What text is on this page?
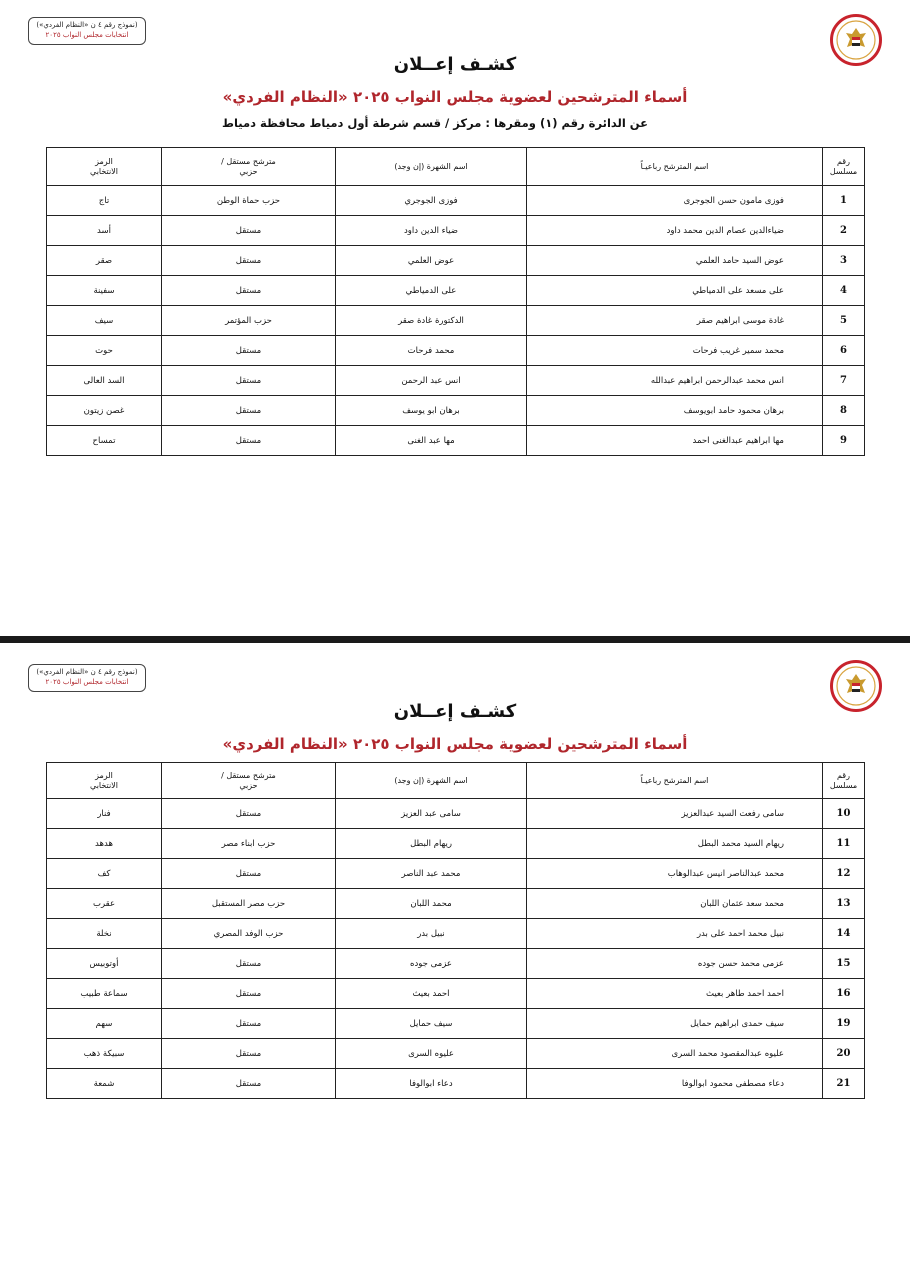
(نموذج رقم ٤ ن «النظام الفردي»)
انتخابات مجلس النواب ٢٠٢٥
كشـف إعــلان
أسماء المترشحين لعضوية مجلس النواب ٢٠٢٥ «النظام الفردي»
عن الدائرة رقم (١) ومقرها : مركز / قسم شرطة أول دمياط محافظة دمياط
رقم مسلسل	اسم المترشح رباعيـاً	اسم الشهرة (إن وجد)	مترشح مستقل / حزبي	الرمز الانتخابي
1	فوزى مامون حسن الجوجرى	فوزى الجوجري	حزب حماة الوطن	تاج
2	ضياءالدين عصام الدين محمد داود	ضياء الدين داود	مستقل	أسد
3	عوض السيد حامد العلمي	عوض العلمي	مستقل	صقر
4	على مسعد على الدمياطي	على الدمياطي	مستقل	سفينة
5	غادة موسى ابراهيم صقر	الدكتورة غادة صقر	حزب المؤتمر	سيف
6	محمد سمير غريب فرحات	محمد فرحات	مستقل	حوت
7	انس محمد عبدالرحمن ابراهيم عبدالله	انس عبد الرحمن	مستقل	السد العالى
8	برهان محمود حامد ابويوسف	برهان ابو يوسف	مستقل	غصن زيتون
9	مها ابراهيم عبدالغنى احمد	مها عبد الغنى	مستقل	تمساح
(نموذج رقم ٤ ن «النظام الفردي»)
انتخابات مجلس النواب ٢٠٢٥
كشـف إعــلان
أسماء المترشحين لعضوية مجلس النواب ٢٠٢٥ «النظام الفردي»
رقم مسلسل	اسم المترشح رباعيـاً	اسم الشهرة (إن وجد)	مترشح مستقل / حزبي	الرمز الانتخابي
10	سامى رفعت السيد عبدالعزيز	سامى عبد العزيز	مستقل	فنار
11	ريهام السيد محمد البطل	ريهام البطل	حزب ابناء مصر	هدهد
12	محمد عبدالناصر انيس عبدالوهاب	محمد عبد الناصر	مستقل	كف
13	محمد سعد عثمان اللبان	محمد اللبان	حزب مصر المستقبل	عقرب
14	نبيل محمد احمد على بدر	نبيل بدر	حزب الوفد المصري	نخلة
15	عزمى محمد حسن جوده	عزمى جوده	مستقل	أوتوبيس
16	احمد احمد طاهر بعيث	احمد بعيث	مستقل	سماعة طبيب
19	سيف حمدى ابراهيم حمايل	سيف حمايل	مستقل	سهم
20	عليوه عبدالمقصود محمد السرى	عليوه السرى	مستقل	سبيكة ذهب
21	دعاء مصطفى محمود ابوالوفا	دعاء ابوالوفا	مستقل	شمعة
